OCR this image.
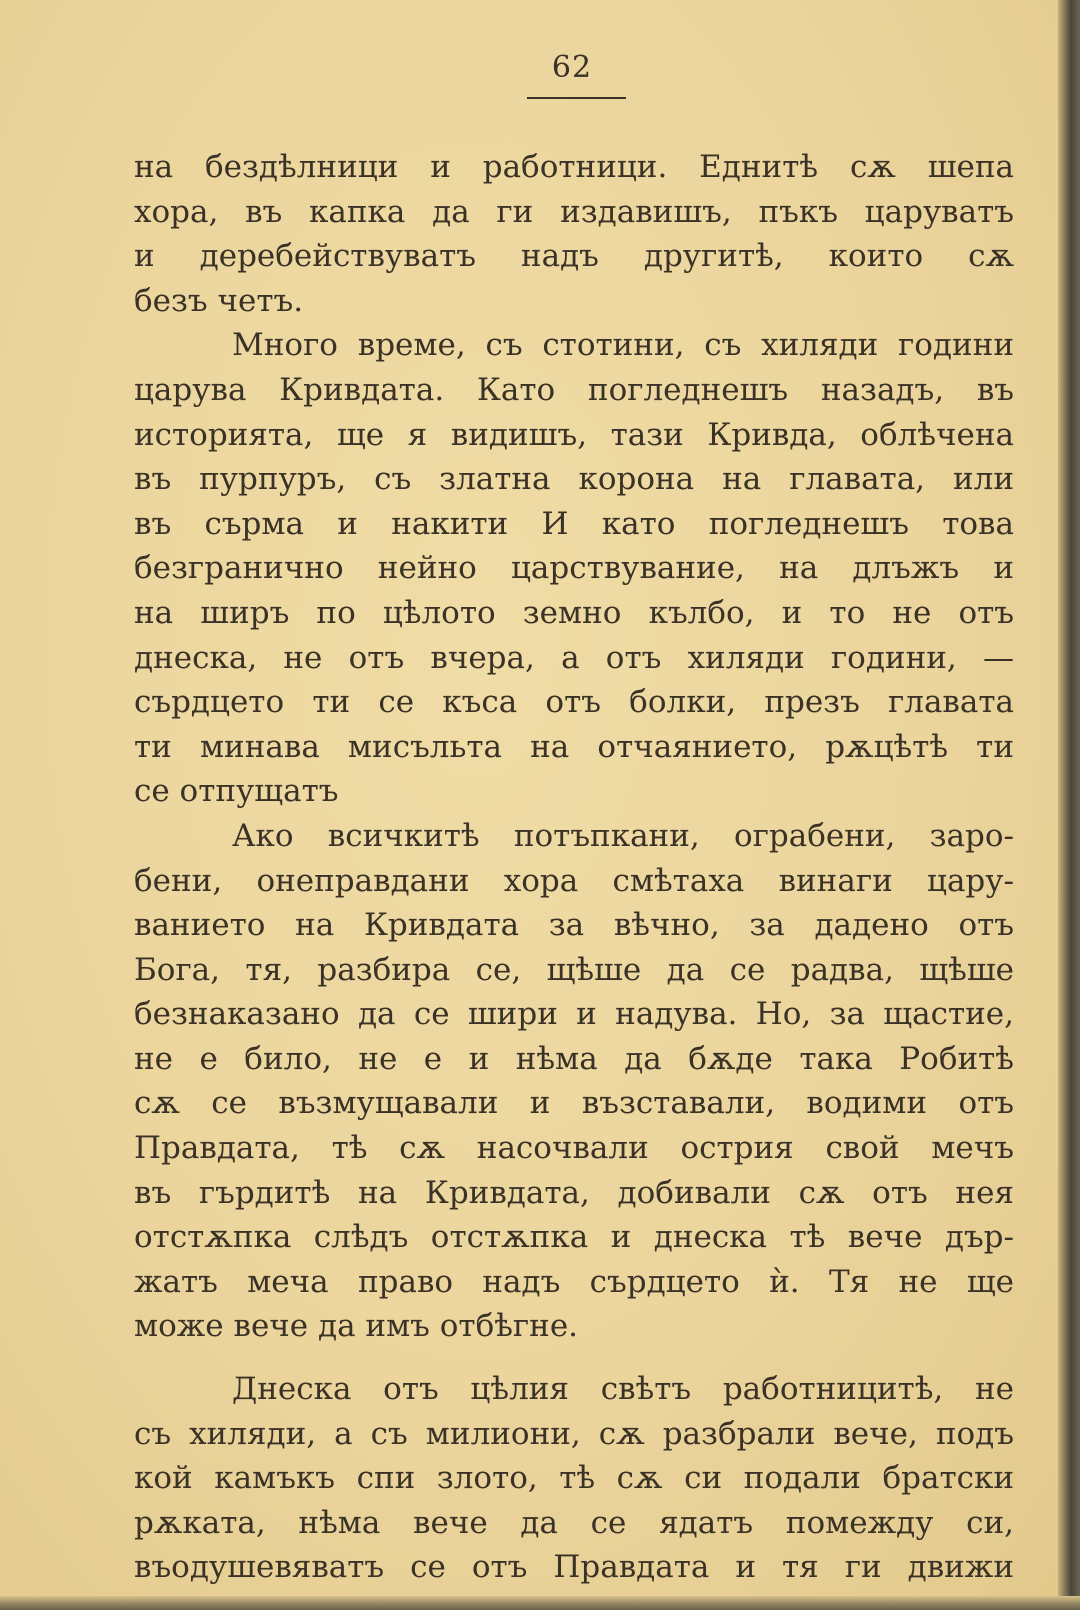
62
на бездѣлници и работници. Еднитѣ сѫ шепа
хора, въ капка да ги издавишъ, пъкъ царуватъ
и деребействуватъ надъ другитѣ, които сѫ
безъ четъ.
Много време, съ стотини, съ хиляди години
царува Кривдата. Като погледнешъ назадъ, въ
историята, ще я видишъ, тази Кривда, облѣчена
въ пурпуръ, съ златна корона на главата, или
въ сърма и накити И като погледнешъ това
безгранично нейно царствувание, на длъжъ и
на ширъ по цѣлото земно кълбо, и то не отъ
днеска, не отъ вчера, а отъ хиляди години, —
сърдцето ти се къса отъ болки, презъ главата
ти минава мисъльта на отчаянието, рѫцѣтѣ ти
се отпущатъ
Ако всичкитѣ потъпкани, ограбени, заро-
бени, онеправдани хора смѣтаха винаги цару-
ванието на Кривдата за вѣчно, за дадено отъ
Бога, тя, разбира се, щѣше да се радва, щѣше
безнаказано да се шири и надува. Но, за щастие,
не е било, не е и нѣма да бѫде така Робитѣ
сѫ се възмущавали и възставали, водими отъ
Правдата, тѣ сѫ насочвали острия свой мечъ
въ гърдитѣ на Кривдата, добивали сѫ отъ нея
отстѫпка слѣдъ отстѫпка и днеска тѣ вече дър-
жатъ меча право надъ сърдцето ѝ. Тя не ще
може вече да имъ отбѣгне.
Днеска отъ цѣлия свѣтъ работницитѣ, не
съ хиляди, а съ милиони, сѫ разбрали вече, подъ
кой камъкъ спи злото, тѣ сѫ си подали братски
рѫката, нѣма вече да се ядатъ помежду си,
въодушевяватъ се отъ Правдата и тя ги движи
